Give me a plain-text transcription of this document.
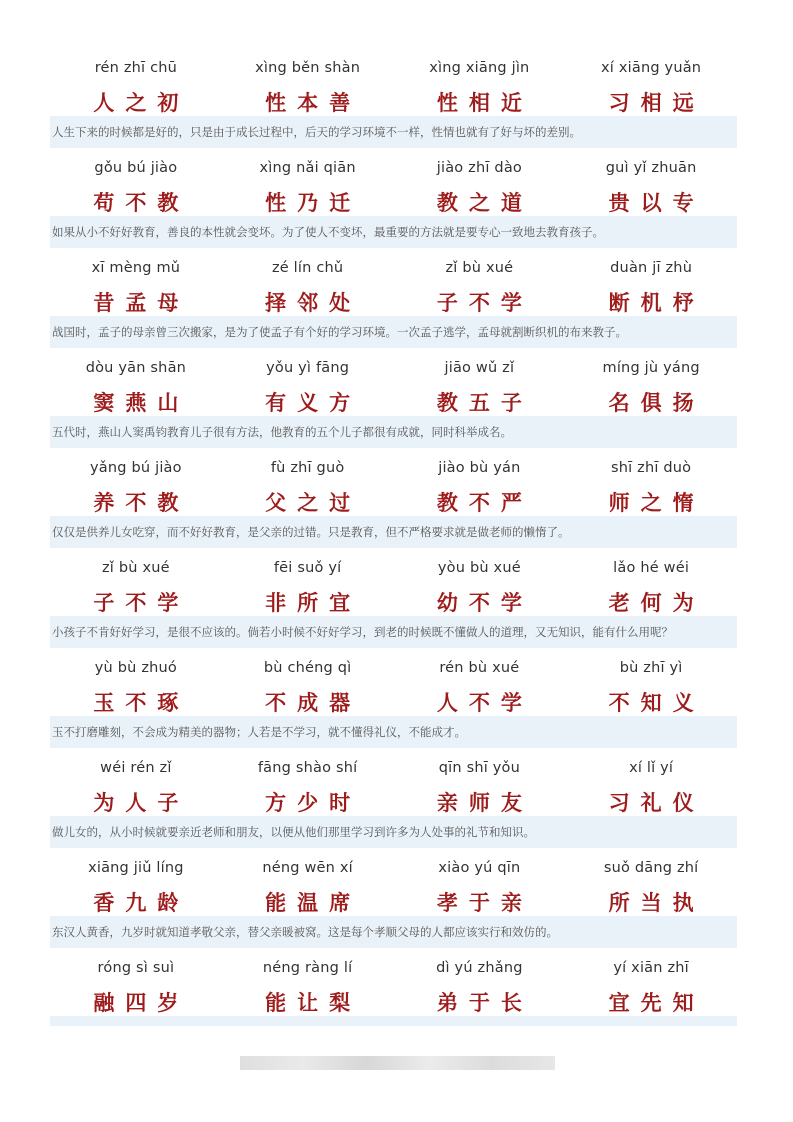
rén zhī chū
人之初
xìng běn shàn
性本善
xìng xiāng jìn
性相近
xí xiāng yuǎn
习相远
人生下来的时候都是好的，只是由于成长过程中，后天的学习环境不一样，性情也就有了好与坏的差别。
gǒu bú jiào
苟不教
xìng nǎi qiān
性乃迁
jiào zhī dào
教之道
guì yǐ zhuān
贵以专
如果从小不好好教育，善良的本性就会变坏。为了使人不变坏，最重要的方法就是要专心一致地去教育孩子。
xī mèng mǔ
昔孟母
zé lín chǔ
择邻处
zǐ bù xué
子不学
duàn jī zhù
断机杼
战国时，孟子的母亲曾三次搬家，是为了使孟子有个好的学习环境。一次孟子逃学，孟母就割断织机的布来教子。
dòu yān shān
窦燕山
yǒu yì fāng
有义方
jiāo wǔ zǐ
教五子
míng jù yáng
名俱扬
五代时，燕山人窦禹钧教育儿子很有方法，他教育的五个儿子都很有成就，同时科举成名。
yǎng bú jiào
养不教
fù zhī guò
父之过
jiào bù yán
教不严
shī zhī duò
师之惰
仅仅是供养儿女吃穿，而不好好教育，是父亲的过错。只是教育，但不严格要求就是做老师的懒惰了。
zǐ bù xué
子不学
fēi suǒ yí
非所宜
yòu bù xué
幼不学
lǎo hé wéi
老何为
小孩子不肯好好学习，是很不应该的。倘若小时候不好好学习，到老的时候既不懂做人的道理，又无知识，能有什么用呢？
yù bù zhuó
玉不琢
bù chéng qì
不成器
rén bù xué
人不学
bù zhī yì
不知义
玉不打磨雕刻，不会成为精美的器物；人若是不学习，就不懂得礼仪，不能成才。
wéi rén zǐ
为人子
fāng shào shí
方少时
qīn shī yǒu
亲师友
xí lǐ yí
习礼仪
做儿女的，从小时候就要亲近老师和朋友，以便从他们那里学习到许多为人处事的礼节和知识。
xiāng jiǔ líng
香九龄
néng wēn xí
能温席
xiào yú qīn
孝于亲
suǒ dāng zhí
所当执
东汉人黄香，九岁时就知道孝敬父亲，替父亲暖被窝。这是每个孝顺父母的人都应该实行和效仿的。
róng sì suì
融四岁
néng ràng lí
能让梨
dì yú zhǎng
弟于长
yí xiān zhī
宜先知
